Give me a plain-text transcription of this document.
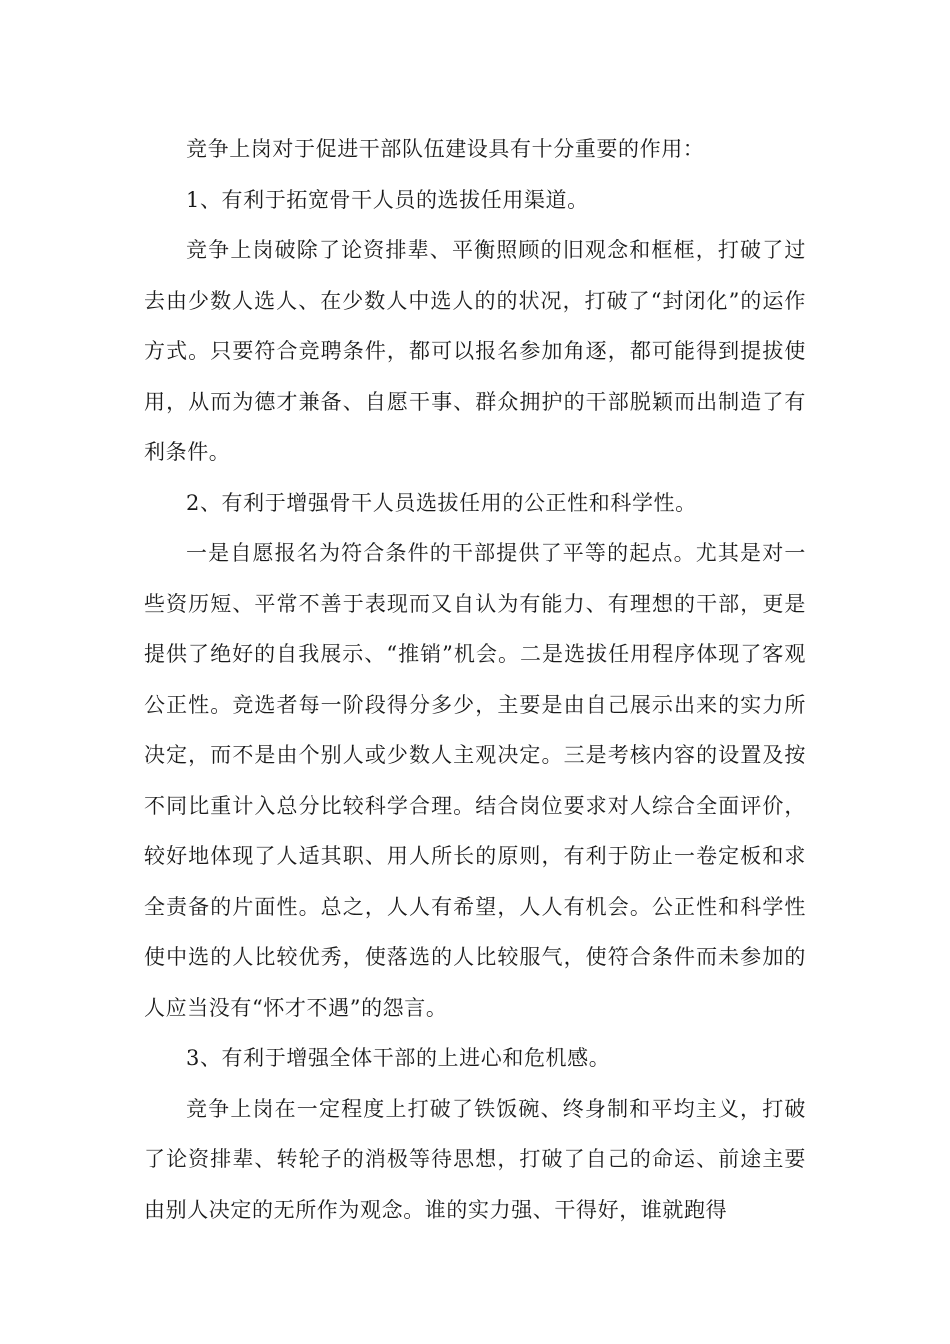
竞争上岗对于促进干部队伍建设具有十分重要的作用：

1、有利于拓宽骨干人员的选拔任用渠道。

竞争上岗破除了论资排辈、平衡照顾的旧观念和框框，打破了过去由少数人选人、在少数人中选人的的状况，打破了“封闭化”的运作方式。只要符合竞聘条件，都可以报名参加角逐，都可能得到提拔使用，从而为德才兼备、自愿干事、群众拥护的干部脱颖而出制造了有利条件。

2、有利于增强骨干人员选拔任用的公正性和科学性。

一是自愿报名为符合条件的干部提供了平等的起点。尤其是对一些资历短、平常不善于表现而又自认为有能力、有理想的干部，更是提供了绝好的自我展示、“推销”机会。二是选拔任用程序体现了客观公正性。竞选者每一阶段得分多少，主要是由自己展示出来的实力所决定，而不是由个别人或少数人主观决定。三是考核内容的设置及按不同比重计入总分比较科学合理。结合岗位要求对人综合全面评价，较好地体现了人适其职、用人所长的原则，有利于防止一卷定板和求全责备的片面性。总之，人人有希望，人人有机会。公正性和科学性使中选的人比较优秀，使落选的人比较服气，使符合条件而未参加的人应当没有“怀才不遇”的怨言。

3、有利于增强全体干部的上进心和危机感。

竞争上岗在一定程度上打破了铁饭碗、终身制和平均主义，打破了论资排辈、转轮子的消极等待思想，打破了自己的命运、前途主要由别人决定的无所作为观念。谁的实力强、干得好，谁就跑得
